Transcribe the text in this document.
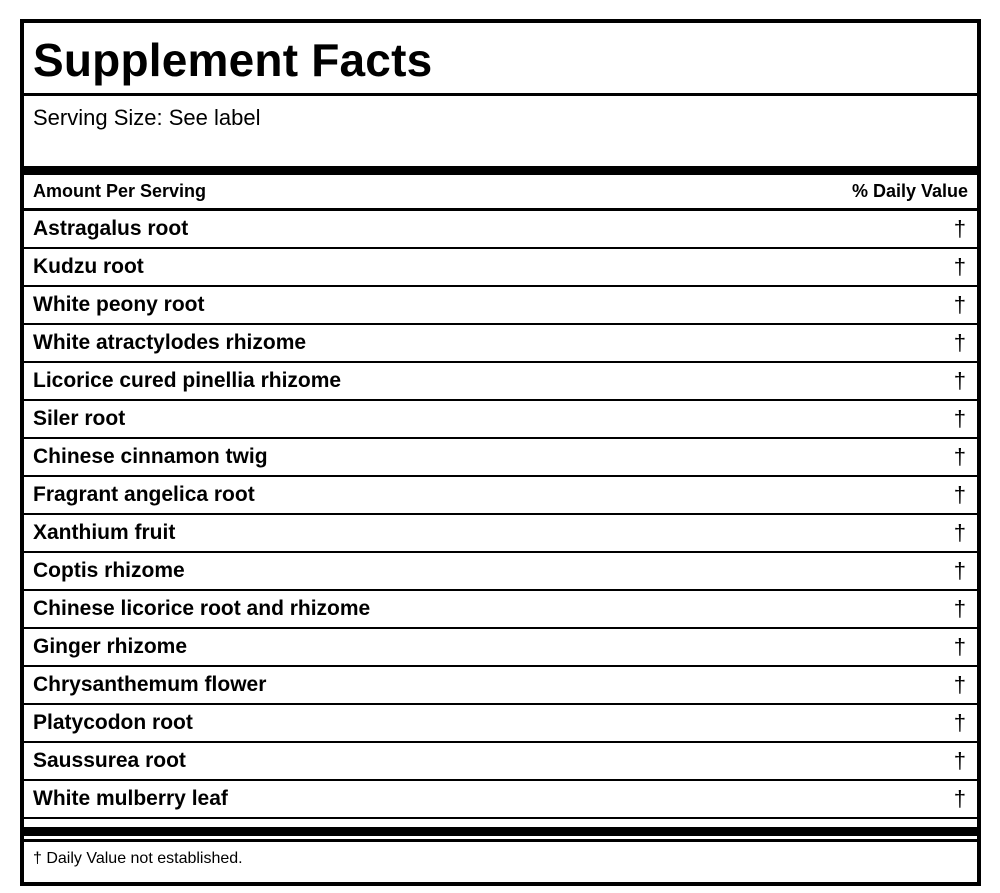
Supplement Facts
Serving Size: See label
Amount Per Serving	% Daily Value
Astragalus root	†
Kudzu root	†
White peony root	†
White atractylodes rhizome	†
Licorice cured pinellia rhizome	†
Siler root	†
Chinese cinnamon twig	†
Fragrant angelica root	†
Xanthium fruit	†
Coptis rhizome	†
Chinese licorice root and rhizome	†
Ginger rhizome	†
Chrysanthemum flower	†
Platycodon root	†
Saussurea root	†
White mulberry leaf	†
† Daily Value not established.
